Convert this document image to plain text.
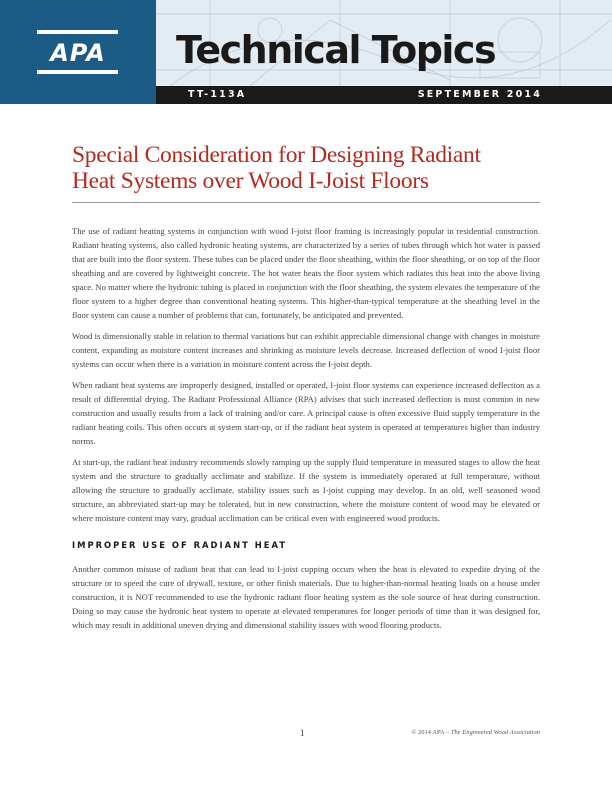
APA	Technical Topics
TT-113A	SEPTEMBER 2014
Special Consideration for Designing Radiant
Heat Systems over Wood I-Joist Floors

The use of radiant heating systems in conjunction with wood I-joist floor framing is increasingly popular in residential construction. Radiant heating systems, also called hydronic heating systems, are characterized by a series of tubes through which hot water is passed that are built into the floor system. These tubes can be placed under the floor sheathing, within the floor sheathing, or on top of the floor sheathing and are covered by lightweight concrete. The hot water heats the floor system which radiates this heat into the above living space. No matter where the hydronic tubing is placed in conjunction with the floor sheathing, the system elevates the temperature of the floor system to a higher degree than conventional heating systems. This higher-than-typical temperature at the sheathing level in the floor system can cause a number of problems that can, fortunately, be anticipated and prevented.

Wood is dimensionally stable in relation to thermal variations but can exhibit appreciable dimensional change with changes in moisture content, expanding as moisture content increases and shrinking as moisture levels decrease. Increased deflection of wood I-joist floor systems can occur when there is a variation in moisture content across the I-joist depth.

When radiant heat systems are improperly designed, installed or operated, I-joist floor systems can experience increased deflection as a result of differential drying. The Radiant Professional Alliance (RPA) advises that such increased deflection is most common in new construction and usually results from a lack of training and/or care. A principal cause is often excessive fluid supply temperature in the radiant heating coils. This often occurs at system start-up, or if the radiant heat system is operated at temperatures higher than industry norms.

At start-up, the radiant heat industry recommends slowly ramping up the supply fluid temperature in measured stages to allow the heat system and the structure to gradually acclimate and stabilize. If the system is immediately operated at full temperature, without allowing the structure to gradually acclimate, stability issues such as I-joist cupping may develop. In an old, well seasoned wood structure, an abbreviated start-up may be tolerated, but in new construction, where the moisture content of wood may be elevated or where moisture content may vary, gradual acclimation can be critical even with engineered wood products.

IMPROPER USE OF RADIANT HEAT

Another common misuse of radiant heat that can lead to I-joist cupping occurs when the heat is elevated to expedite drying of the structure or to speed the cure of drywall, texture, or other finish materials. Due to higher-than-normal heating loads on a house under construction, it is NOT recommended to use the hydronic radiant floor heating system as the sole source of heat during construction. Doing so may cause the hydronic heat system to operate at elevated temperatures for longer periods of time than it was designed for, which may result in additional uneven drying and dimensional stability issues with wood flooring products.

1	© 2014 APA – The Engineered Wood Association
